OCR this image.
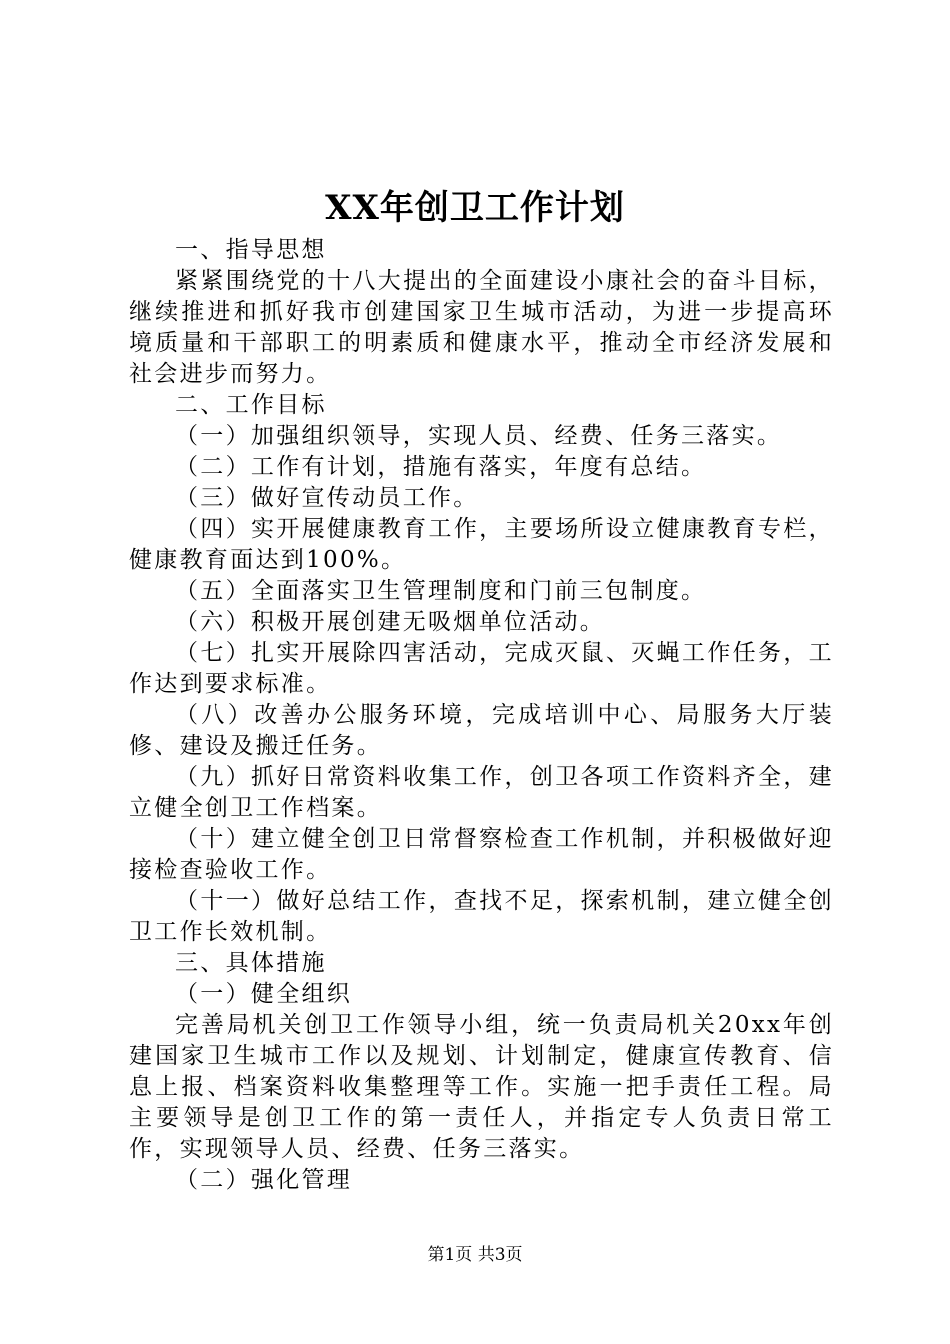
XX年创卫工作计划

一、指导思想

紧紧围绕党的十八大提出的全面建设小康社会的奋斗目标，继续推进和抓好我市创建国家卫生城市活动，为进一步提高环境质量和干部职工的明素质和健康水平，推动全市经济发展和社会进步而努力。

二、工作目标

（一）加强组织领导，实现人员、经费、任务三落实。

（二）工作有计划，措施有落实，年度有总结。

（三）做好宣传动员工作。

（四）实开展健康教育工作，主要场所设立健康教育专栏，健康教育面达到100%。

（五）全面落实卫生管理制度和门前三包制度。

（六）积极开展创建无吸烟单位活动。

（七）扎实开展除四害活动，完成灭鼠、灭蝇工作任务，工作达到要求标准。

（八）改善办公服务环境，完成培训中心、局服务大厅装修、建设及搬迁任务。

（九）抓好日常资料收集工作，创卫各项工作资料齐全，建立健全创卫工作档案。

（十）建立健全创卫日常督察检查工作机制，并积极做好迎接检查验收工作。

（十一）做好总结工作，查找不足，探索机制，建立健全创卫工作长效机制。

三、具体措施

（一）健全组织

完善局机关创卫工作领导小组，统一负责局机关20xx年创建国家卫生城市工作以及规划、计划制定，健康宣传教育、信息上报、档案资料收集整理等工作。实施一把手责任工程。局主要领导是创卫工作的第一责任人，并指定专人负责日常工作，实现领导人员、经费、任务三落实。

（二）强化管理

第1页 共3页
